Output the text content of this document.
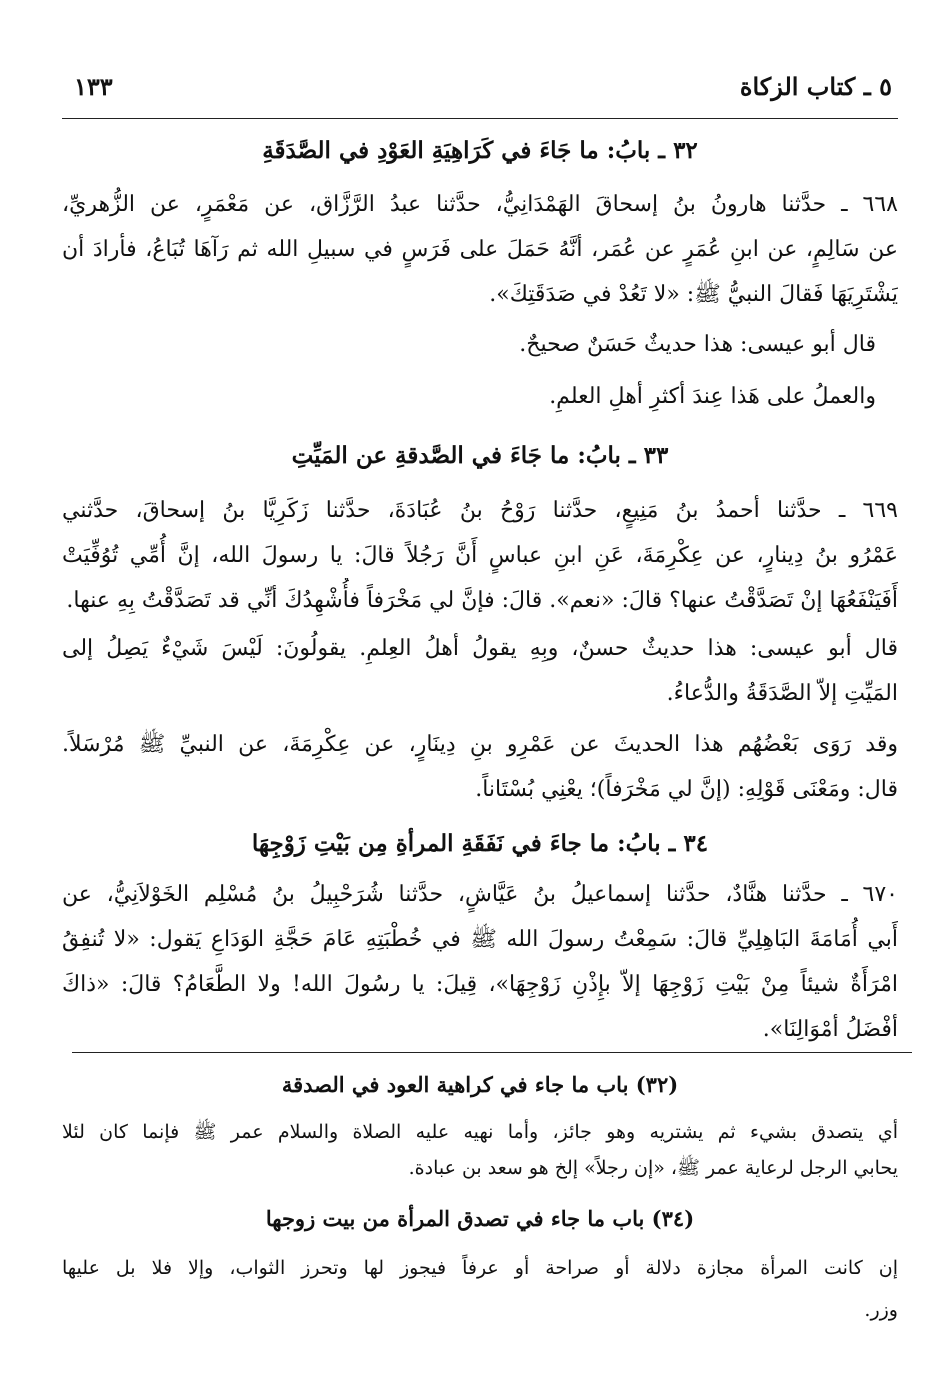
٥ ـ كتاب الزكاة
١٣٣
٣٢ ـ بابُ: ما جَاءَ في كَرَاهِيَةِ العَوْدِ في الصَّدَقَةِ
٦٦٨ ـ حدَّثنا هارونُ بنُ إسحاقَ الهَمْدَانِيُّ، حدَّثنا عبدُ الرَّزَّاق، عن مَعْمَرٍ، عن الزُّهريِّ،
عن سَالِمٍ، عن ابنِ عُمَرٍ عن عُمَر، أنَّهُ حَمَلَ على فَرَسٍ في سبيلِ الله ثم رَآهَا تُبَاعُ، فأرادَ أن
يَشْتَرِيَهَا فَقالَ النبيُّ ﷺ: «لا تَعُدْ في صَدَقَتِكَ».
قال أبو عيسى: هذا حديثٌ حَسَنٌ صحيحٌ.
والعملُ على هَذا عِندَ أكثرِ أهلِ العلمِ.
٣٣ ـ بابُ: ما جَاءَ في الصَّدقةِ عن المَيِّتِ
٦٦٩ ـ حدَّثنا أحمدُ بنُ مَنِيعٍ، حدَّثنا رَوْحُ بنُ عُبَادَةَ، حدَّثنا زَكَرِيَّا بنُ إسحاقَ، حدَّثني
عَمْرُو بنُ دِينارٍ، عن عِكْرِمَةَ، عَنِ ابنِ عباسٍ أَنَّ رَجُلاً قالَ: يا رسولَ الله، إنَّ أُمِّي تُوُفِّيَتْ
أَفَيَنْفَعُهَا إنْ تَصَدَّقْتُ عنها؟ قالَ: «نعم». قالَ: فإنَّ لي مَخْرَفاً فأُشْهِدُكَ أنِّي قد تَصَدَّقْتُ بِهِ عنها.
قال أبو عيسى: هذا حديثٌ حسنٌ، وبِهِ يقولُ أهلُ العِلمِ. يقولُونَ: لَيْسَ شَيْءٌ يَصِلُ إلى
المَيِّتِ إلاّ الصَّدَقَةُ والدُّعاءُ.
وقد رَوَى بَعْضُهُم هذا الحديثَ عن عَمْرِو بنِ دِينَارٍ، عن عِكْرِمَةَ، عن النبيِّ ﷺ مُرْسَلاً.
قال: ومَعْنَى قَوْلِهِ: (إنَّ لي مَخْرَفاً)؛ يعْنِي بُسْتَاناً.
٣٤ ـ بابُ: ما جاءَ في نَفَقَةِ المرأةِ مِن بَيْتِ زَوْجِهَا
٦٧٠ ـ حدَّثنا هنَّادٌ، حدَّثنا إسماعيلُ بنُ عَيَّاشٍ، حدَّثنا شُرَحْبِيلُ بنُ مُسْلِم الخَوْلاَنِيُّ، عن
أَبي أُمَامَةَ البَاهِلِيِّ قالَ: سَمِعْتُ رسولَ الله ﷺ في خُطْبَتِهِ عَامَ حَجَّةِ الوَدَاعِ يَقول: «لا تُنفِقُ
امْرَأَةٌ شيئاً مِنْ بَيْتِ زَوْجِهَا إلاّ بإِذْنِ زَوْجِهَا»، قِيلَ: يا رسُولَ الله! ولا الطَّعَامُ؟ قالَ: «ذاكَ
أفْضَلُ أمْوَالِنَا».
(٣٢) باب ما جاء في كراهية العود في الصدقة
أي يتصدق بشيء ثم يشتريه وهو جائز، وأما نهيه عليه الصلاة والسلام عمر ﷺ فإنما كان لئلا
يحابي الرجل لرعاية عمر ﷺ، «إن رجلاً» إلخ هو سعد بن عبادة.
(٣٤) باب ما جاء في تصدق المرأة من بيت زوجها
إن كانت المرأة مجازة دلالة أو صراحة أو عرفاً فيجوز لها وتحرز الثواب، وإلا فلا بل عليها
وزر.
